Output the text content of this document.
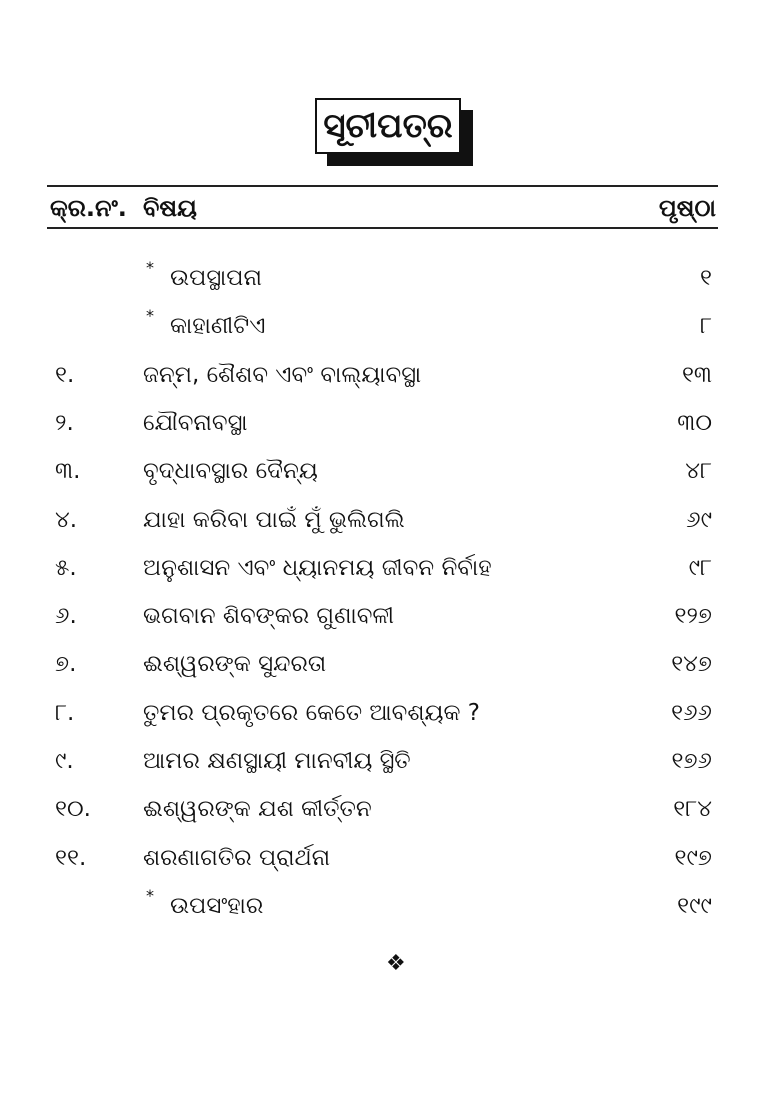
ସୂଚୀପତ୍ର
କ୍ର.ନଂ. ବିଷୟ	ପୃଷ୍ଠା
* ଉପସ୍ଥାପନା	୧
* କାହାଣୀଟିଏ	୮
୧.	ଜନ୍ମ, ଶୈଶବ ଏବଂ ବାଲ୍ୟାବସ୍ଥା	୧୩
୨.	ଯୌବନାବସ୍ଥା	୩୦
୩.	ବୃଦ୍ଧାବସ୍ଥାର ଦୈନ୍ୟ	୪୮
୪.	ଯାହା କରିବା ପାଇଁ ମୁଁ ଭୁଲିଗଲି	୬୯
୫.	ଅନୁଶାସନ ଏବଂ ଧ୍ୟାନମୟ ଜୀବନ ନିର୍ବାହ	୯୮
୬.	ଭଗବାନ ଶିବଙ୍କର ଗୁଣାବଳୀ	୧୨୭
୭.	ଈଶ୍ୱରଙ୍କ ସୁନ୍ଦରତା	୧୪୭
୮.	ତୁମର ପ୍ରକୃତରେ କେତେ ଆବଶ୍ୟକ ?	୧୬୬
୯.	ଆମର କ୍ଷଣସ୍ଥାୟୀ ମାନବୀୟ ସ୍ଥିତି	୧୭୬
୧୦. ଈଶ୍ୱରଙ୍କ ଯଶ କୀର୍ତ୍ତନ	୧୮୪
୧୧. ଶରଣାଗତିର ପ୍ରାର୍ଥନା	୧୯୭
* ଉପସଂହାର	୧୯୯
❖
